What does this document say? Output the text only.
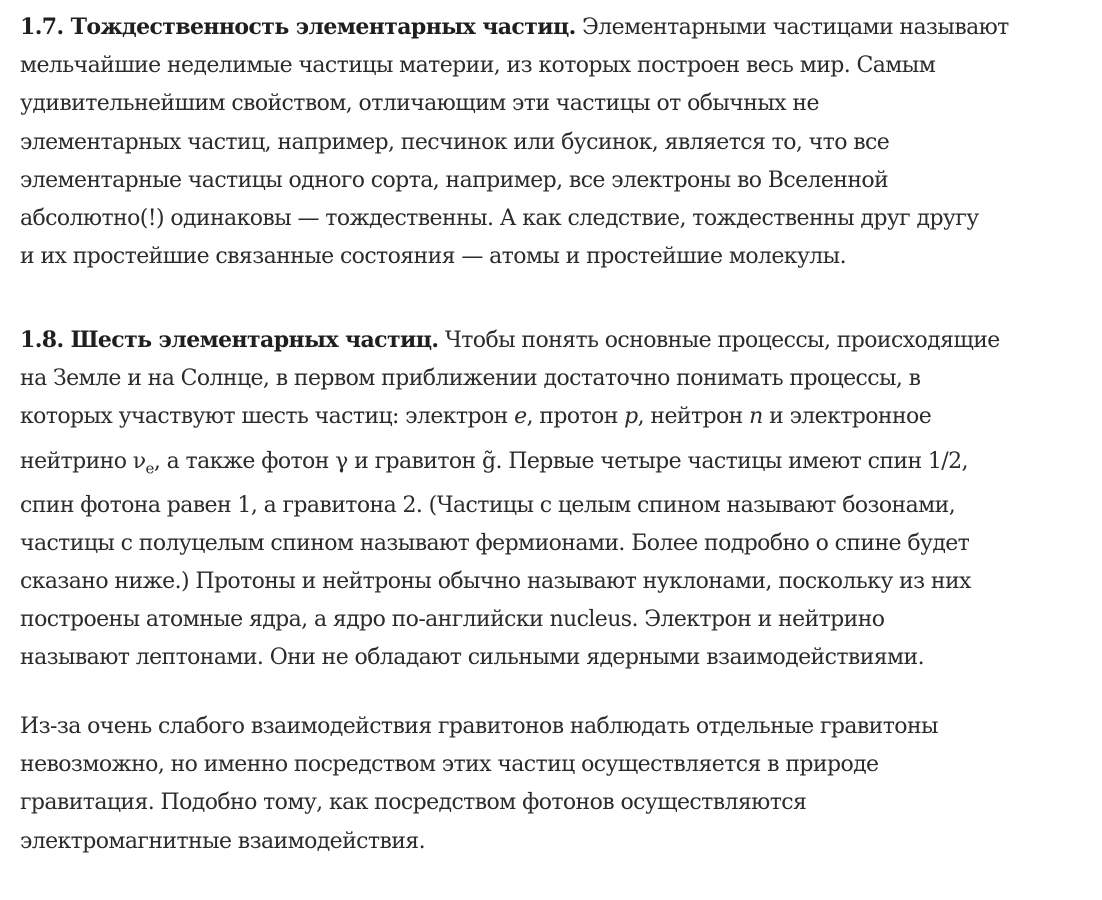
1.7. Тождественность элементарных частиц. Элементарными частицами называют
мельчайшие неделимые частицы материи, из которых построен весь мир. Самым
удивительнейшим свойством, отличающим эти частицы от обычных не
элементарных частиц, например, песчинок или бусинок, является то, что все
элементарные частицы одного сорта, например, все электроны во Вселенной
абсолютно(!) одинаковы — тождественны. А как следствие, тождественны друг другу
и их простейшие связанные состояния — атомы и простейшие молекулы.

1.8. Шесть элементарных частиц. Чтобы понять основные процессы, происходящие
на Земле и на Солнце, в первом приближении достаточно понимать процессы, в
которых участвуют шесть частиц: электрон e, протон p, нейтрон n и электронное
нейтрино $\nu_e$, а также фотон γ и гравитон g̃. Первые четыре частицы имеют спин 1/2,
спин фотона равен 1, а гравитона 2. (Частицы с целым спином называют бозонами,
частицы с полуцелым спином называют фермионами. Более подробно о спине будет
сказано ниже.) Протоны и нейтроны обычно называют нуклонами, поскольку из них
построены атомные ядра, а ядро по-английски nucleus. Электрон и нейтрино
называют лептонами. Они не обладают сильными ядерными взаимодействиями.

Из-за очень слабого взаимодействия гравитонов наблюдать отдельные гравитоны
невозможно, но именно посредством этих частиц осуществляется в природе
гравитация. Подобно тому, как посредством фотонов осуществляются
электромагнитные взаимодействия.
